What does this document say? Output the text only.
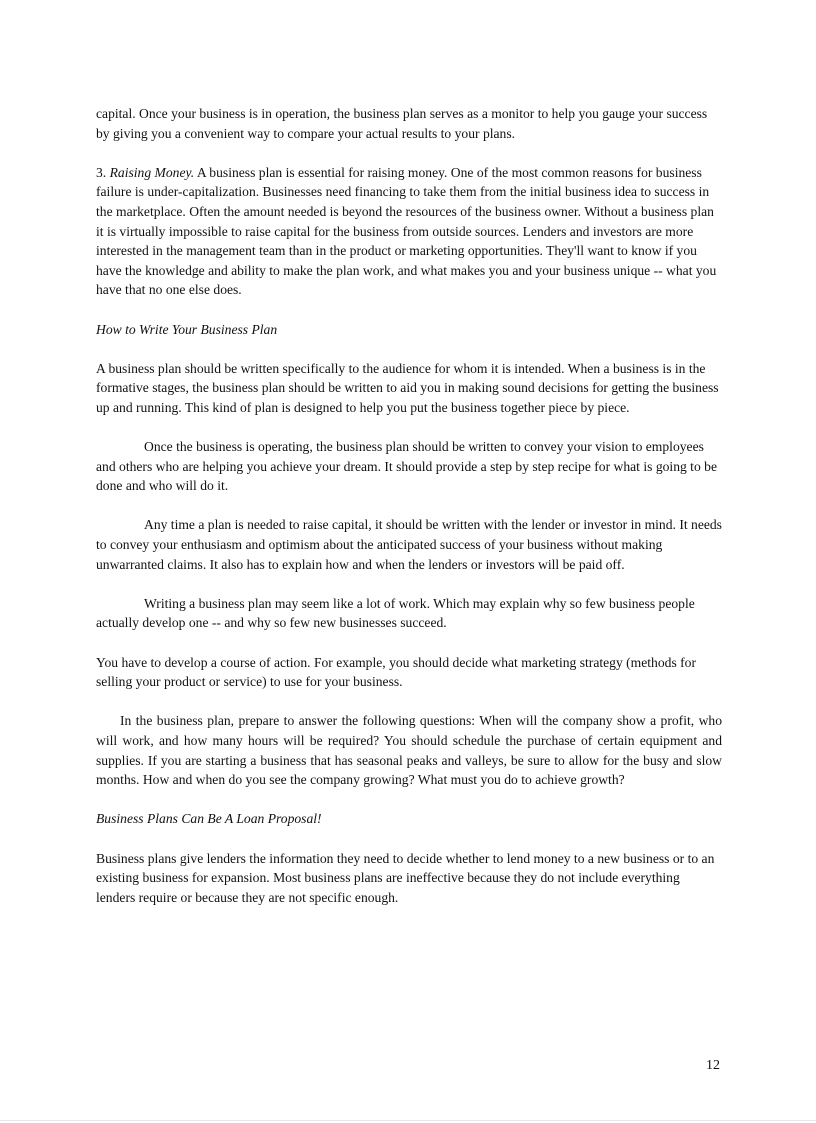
capital. Once your business is in operation, the business plan serves as a monitor to help you gauge your success by giving you a convenient way to compare your actual results to your plans.

3. Raising Money. A business plan is essential for raising money. One of the most common reasons for business failure is under-capitalization. Businesses need financing to take them from the initial business idea to success in the marketplace. Often the amount needed is beyond the resources of the business owner. Without a business plan it is virtually impossible to raise capital for the business from outside sources. Lenders and investors are more interested in the management team than in the product or marketing opportunities. They'll want to know if you have the knowledge and ability to make the plan work, and what makes you and your business unique -- what you have that no one else does.

How to Write Your Business Plan

A business plan should be written specifically to the audience for whom it is intended. When a business is in the formative stages, the business plan should be written to aid you in making sound decisions for getting the business up and running. This kind of plan is designed to help you put the business together piece by piece.

Once the business is operating, the business plan should be written to convey your vision to employees and others who are helping you achieve your dream. It should provide a step by step recipe for what is going to be done and who will do it.

Any time a plan is needed to raise capital, it should be written with the lender or investor in mind. It needs to convey your enthusiasm and optimism about the anticipated success of your business without making unwarranted claims. It also has to explain how and when the lenders or investors will be paid off.

Writing a business plan may seem like a lot of work. Which may explain why so few business people actually develop one -- and why so few new businesses succeed.

You have to develop a course of action. For example, you should decide what marketing strategy (methods for selling your product or service) to use for your business.

In the business plan, prepare to answer the following questions: When will the company show a profit, who will work, and how many hours will be required? You should schedule the purchase of certain equipment and supplies. If you are starting a business that has seasonal peaks and valleys, be sure to allow for the busy and slow months. How and when do you see the company growing? What must you do to achieve growth?

Business Plans Can Be A Loan Proposal!

Business plans give lenders the information they need to decide whether to lend money to a new business or to an existing business for expansion. Most business plans are ineffective because they do not include everything lenders require or because they are not specific enough.

12
